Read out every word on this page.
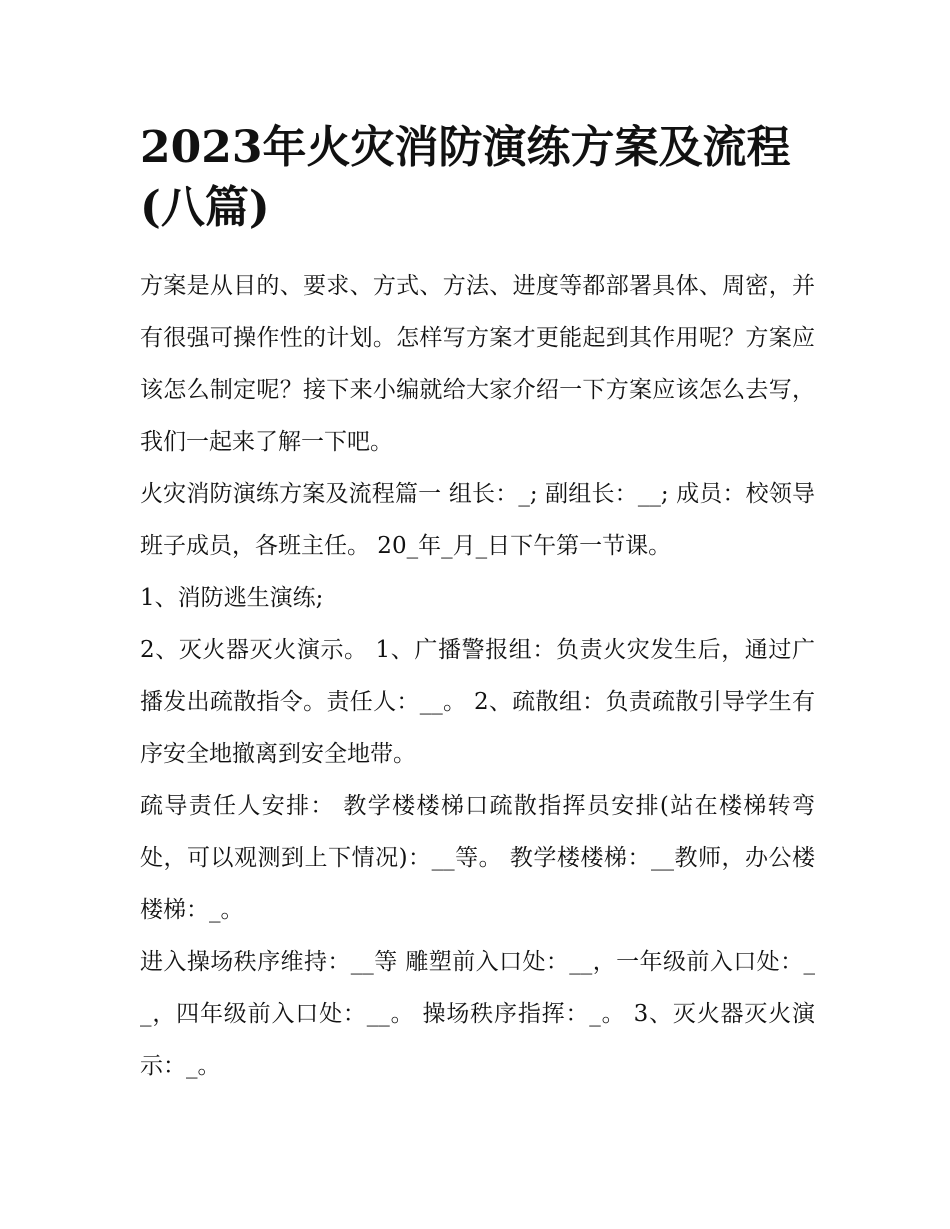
2023年火灾消防演练方案及流程(八篇)

方案是从目的、要求、方式、方法、进度等都部署具体、周密，并有很强可操作性的计划。怎样写方案才更能起到其作用呢？方案应该怎么制定呢？接下来小编就给大家介绍一下方案应该怎么去写，我们一起来了解一下吧。

火灾消防演练方案及流程篇一 组长：_; 副组长：__; 成员：校领导班子成员，各班主任。 20_年_月_日下午第一节课。

1、消防逃生演练;

2、灭火器灭火演示。 1、广播警报组：负责火灾发生后，通过广播发出疏散指令。责任人：__。 2、疏散组：负责疏散引导学生有序安全地撤离到安全地带。

疏导责任人安排： 教学楼楼梯口疏散指挥员安排(站在楼梯转弯处，可以观测到上下情况)：__等。 教学楼楼梯：__教师，办公楼楼梯：_。

进入操场秩序维持：__等 雕塑前入口处：__，一年级前入口处：__，四年级前入口处：__。 操场秩序指挥：_。 3、灭火器灭火演示：_。
